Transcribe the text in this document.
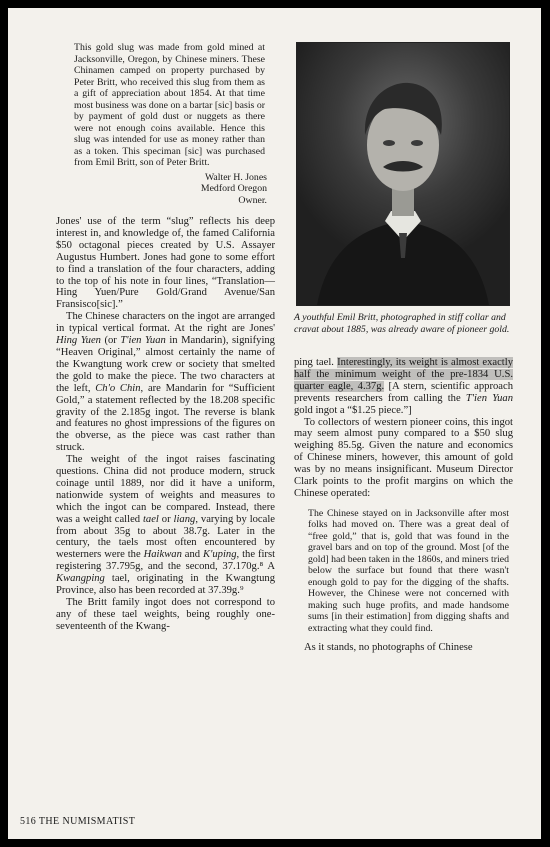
This gold slug was made from gold mined at Jacksonville, Oregon, by Chinese miners. These Chinamen camped on property purchased by Peter Britt, who received this slug from them as a gift of appreciation about 1854. At that time most business was done on a bartar [sic] basis or by payment of gold dust or nuggets as there were not enough coins available. Hence this slug was intended for use as money rather than as a token. This speciman [sic] was purchased from Emil Britt, son of Peter Britt.

Walter H. Jones
Medford Oregon
Owner.

Jones' use of the term “slug” reflects his deep interest in, and knowledge of, the famed California $50 octagonal pieces created by U.S. Assayer Augustus Humbert. Jones had gone to some effort to find a translation of the four characters, adding to the top of his note in four lines, “Translation—Hing Yuen/Pure Gold/Grand Avenue/San Fransisco[sic].”

The Chinese characters on the ingot are arranged in typical vertical format. At the right are Jones' Hing Yuen (or T'ien Yuan in Mandarin), signifying “Heaven Original,” almost certainly the name of the Kwangtung work crew or society that smelted the gold to make the piece. The two characters at the left, Ch'o Chin, are Mandarin for “Sufficient Gold,” a statement reflected by the 18.208 specific gravity of the 2.185g ingot. The reverse is blank and features no ghost impressions of the figures on the obverse, as the piece was cast rather than struck.

The weight of the ingot raises fascinating questions. China did not produce modern, struck coinage until 1889, nor did it have a uniform, nationwide system of weights and measures to which the ingot can be compared. Instead, there was a weight called tael or liang, varying by locale from about 35g to about 38.7g. Later in the century, the taels most often encountered by westerners were the Haikwan and K'uping, the first registering 37.795g, and the second, 37.170g.⁸ A Kwangping tael, originating in the Kwangtung Province, also has been recorded at 37.39g.⁹

The Britt family ingot does not correspond to any of these tael weights, being roughly one-seventeenth of the Kwang-

A youthful Emil Britt, photographed in stiff collar and cravat about 1885, was already aware of pioneer gold.

ping tael. Interestingly, its weight is almost exactly half the minimum weight of the pre-1834 U.S. quarter eagle, 4.37g. [A stern, scientific approach prevents researchers from calling the T'ien Yuan gold ingot a “$1.25 piece.”]

To collectors of western pioneer coins, this ingot may seem almost puny compared to a $50 slug weighing 85.5g. Given the nature and economics of Chinese miners, however, this amount of gold was by no means insignificant. Museum Director Clark points to the profit margins on which the Chinese operated:

The Chinese stayed on in Jacksonville after most folks had moved on. There was a great deal of “free gold,” that is, gold that was found in the gravel bars and on top of the ground. Most [of the gold] had been taken in the 1860s, and miners tried below the surface but found that there wasn't enough gold to pay for the digging of the shafts. However, the Chinese were not concerned with making such huge profits, and made handsome sums [in their estimation] from digging shafts and extracting what they could find.

As it stands, no photographs of Chinese

516 THE NUMISMATIST
